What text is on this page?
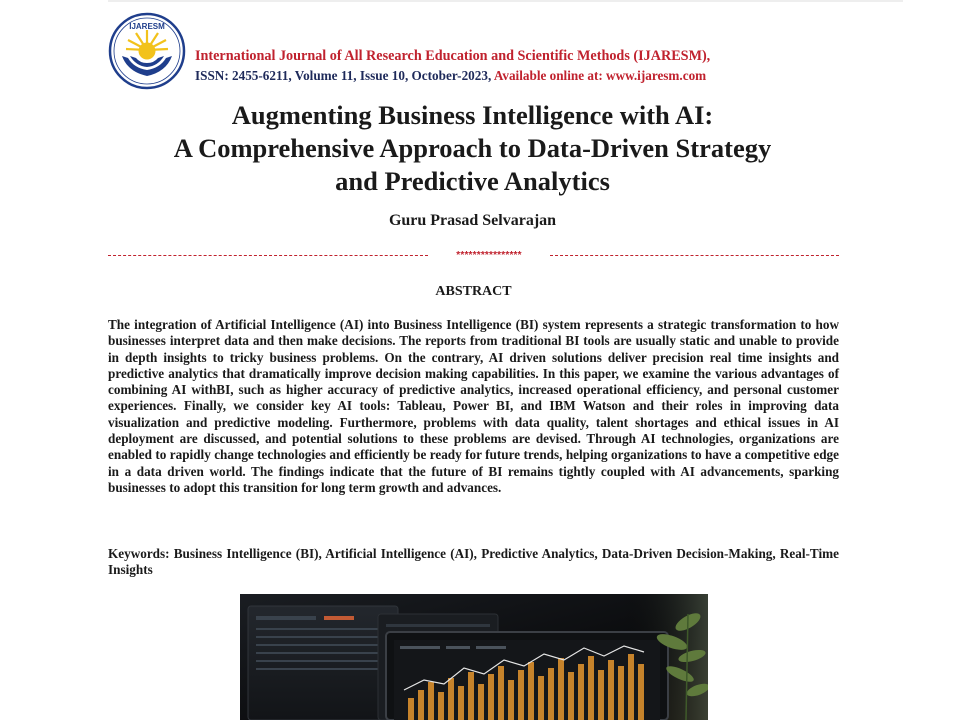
IJARESM
International Journal of All Research Education and Scientific Methods (IJARESM),
ISSN: 2455-6211, Volume 11, Issue 10, October-2023, Available online at: www.ijaresm.com
Augmenting Business Intelligence with AI:
A Comprehensive Approach to Data-Driven Strategy
and Predictive Analytics
Guru Prasad Selvarajan
****************
ABSTRACT

The integration of Artificial Intelligence (AI) into Business Intelligence (BI) system represents a strategic transformation to how businesses interpret data and then make decisions. The reports from traditional BI tools are usually static and unable to provide in depth insights to tricky business problems. On the contrary, AI driven solutions deliver precision real time insights and predictive analytics that dramatically improve decision making capabilities. In this paper, we examine the various advantages of combining AI withBI, such as higher accuracy of predictive analytics, increased operational efficiency, and personal customer experiences. Finally, we consider key AI tools: Tableau, Power BI, and IBM Watson and their roles in improving data visualization and predictive modeling. Furthermore, problems with data quality, talent shortages and ethical issues in AI deployment are discussed, and potential solutions to these problems are devised. Through AI technologies, organizations are enabled to rapidly change technologies and efficiently be ready for future trends, helping organizations to have a competitive edge in a data driven world. The findings indicate that the future of BI remains tightly coupled with AI advancements, sparking businesses to adopt this transition for long term growth and advances.

Keywords: Business Intelligence (BI), Artificial Intelligence (AI), Predictive Analytics, Data-Driven Decision-Making, Real-Time Insights
